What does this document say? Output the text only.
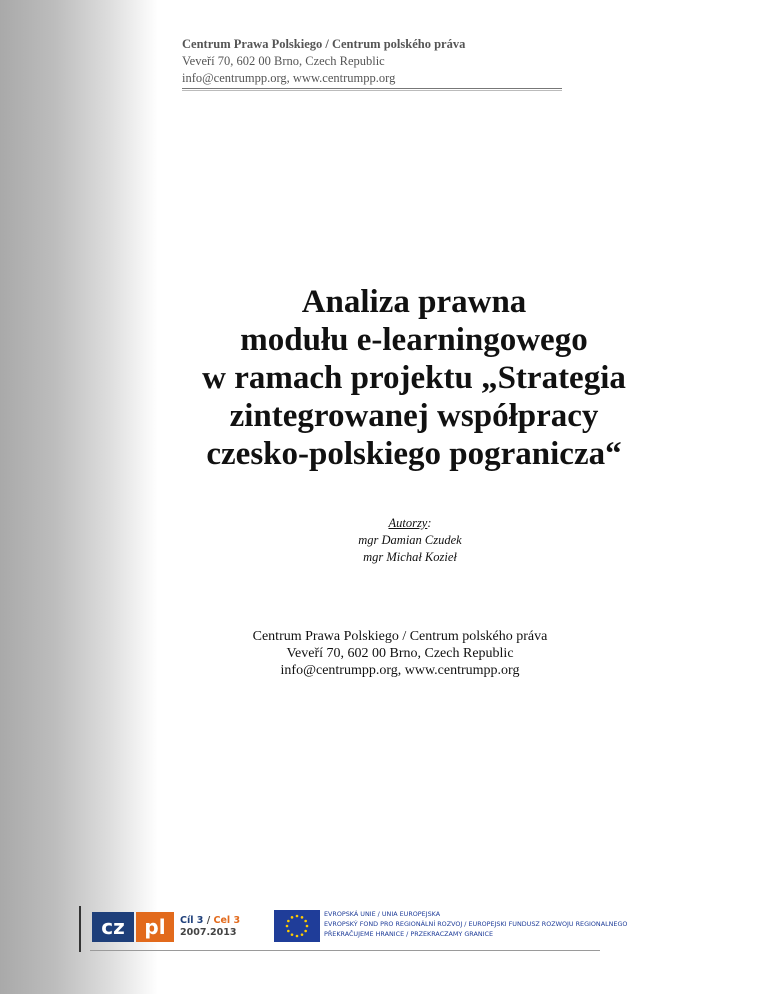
Centrum Prawa Polskiego / Centrum polského práva
Veveří 70, 602 00 Brno, Czech Republic
info@centrumpp.org, www.centrumpp.org
Analiza prawna
modułu e-learningowego
w ramach projektu „Strategia
zintegrowanej współpracy
czesko-polskiego pogranicza“
Autorzy:
mgr Damian Czudek
mgr Michał Kozieł
Centrum Prawa Polskiego / Centrum polského práva
Veveří 70, 602 00 Brno, Czech Republic
info@centrumpp.org, www.centrumpp.org
cz pl	Cíl 3 / Cel 3
2007.2013
EVROPSKÁ UNIE / UNIA EUROPEJSKA
EVROPSKÝ FOND PRO REGIONÁLNÍ ROZVOJ / EUROPEJSKI FUNDUSZ ROZWOJU REGIONALNEGO
PŘEKRAČUJEME HRANICE / PRZEKRACZAMY GRANICE
